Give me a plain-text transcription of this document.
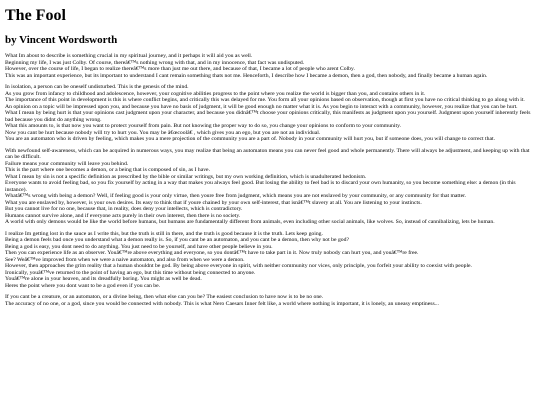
The Fool
by Vincent Wordsworth
What Im about to describe is something crucial in my spiritual journey, and it perhaps it will aid you as well.
Beginning my life, I was just Colby. Of course, thereâ€™s nothing wrong with that, and in my innocence, that fact was undisputed.
However, over the course of life, I began to realize thereâ€™s more than just me out there, and because of that, I became a lot of people who arent Colby.
This was an important experience, but its important to understand I cant remain something thats not me. Henceforth, I describe how I became a demon, then a god, then nobody, and finally became a human again.
In isolation, a person can be oneself undisturbed. This is the genesis of the mind.
As you grow from infancy to childhood and adolescence, however, your cognitive abilities progress to the point where you realize the world is bigger than you, and contains others in it.
The importance of this point in development is this is where conflict begins, and critically this was delayed for me. You form all your opinions based on observation, though at first you have no critical thinking to go along with it.
An opinion on a topic will be impressed upon you, and because you have no basis of judgment, it will be good enough no matter what it is. As you begin to interact with a community, however, you realize that you can be hurt.
What I mean by being hurt is that your opinions cast judgment upon your character, and because you didnâ€™t choose your opinions critically, this manifests as judgment upon you yourself. Judgment upon yourself inherently feels bad because you didnt do anything wrong.
What this amounts to, is that now you want to protect yourself from pain. But not knowing the proper way to do so, you change your opinions to conform to your community.
Now you cant be hurt because nobody will try to hurt you. You may be â€œcoolâ€ , which gives you an ego, but you are not an individual.
You are an automaton who is driven by feeling, which makes you a mere projection of the community you are a part of. Nobody in your community will hurt you, but if someone does, you will change to correct that.
With newfound self-awareness, which can be acquired in numerous ways, you may realize that being an automaton means you can never feel good and whole permanently. There will always be adjustment, and keeping up with that can be difficult.
Failure means your community will leave you behind.
This is the part where one becomes a demon, or a being that is composed of sin, as I have.
What I mean by sin is not a specific definition as prescribed by the bible or similar writings, but my own working definition, which is unadulterated hedonism.
Everyone wants to avoid feeling bad, so you fix yourself by acting in a way that makes you always feel good. But losing the ability to feel bad is to discard your own humanity, so you become something else: a demon (in this instance).
Whatâ€™s wrong with being a demon? Well, if feeling good is your only virtue, then youre free from judgment, which means you are not enslaved by your community, or any community for that matter.
What you are enslaved by, however, is your own desires. Its easy to think that if youre chained by your own self-interest, that isnâ€™t slavery at all. You are listening to your instincts.
But you cannot live for no one, because that, in reality, does deny your intellects, which is contradictory.
Humans cannot survive alone, and if everyone acts purely in their own interest, then there is no society.
A world with only demons would be like the world before humans, but humans are fundamentally different from animals, even including other social animals, like wolves. So, instead of cannibalizing, lets be human.
I realize Im getting lost in the sauce as I write this, but the truth is still in there, and the truth is good because it is the truth. Lets keep going.
Being a demon feels bad once you understand what a demon really is. So, if you cant be an automaton, and you cant be a demon, then why not be god?
Being a god is easy, you dont need to do anything. You just need to be yourself, and have other people believe in you.
Then you can experience life as an observer. Youâ€™re above everything and everyone, so you dontâ€™t have to take part in it. Now truly nobody can hurt you, and youâ€™re free.
See? Weâ€™ve improved from when we were a naive automaton, and also from when we were a demon.
However, then approaches the grim reality that a human shouldnt be god. By being above everyone in spirit, with neither community nor vices, only principle, you forfeit your ability to coexist with people.
Ironically, youâ€™ve returned to the point of having an ego, but this time without being connected to anyone.
Youâ€™re alone in your heaven, and its dreadfully boring. You might as well be dead.
Heres the point where you dont want to be a god even if you can be.
If you cant be a creature, or an automaton, or a divine being, then what else can you be? The easiest conclusion to have now is to be no one.
The accuracy of no one, or a god, since you would be connected with nobody. This is what Nero Caesars Inner felt like, a world where nothing is important, it is lonely, an uneasy emptiness...
